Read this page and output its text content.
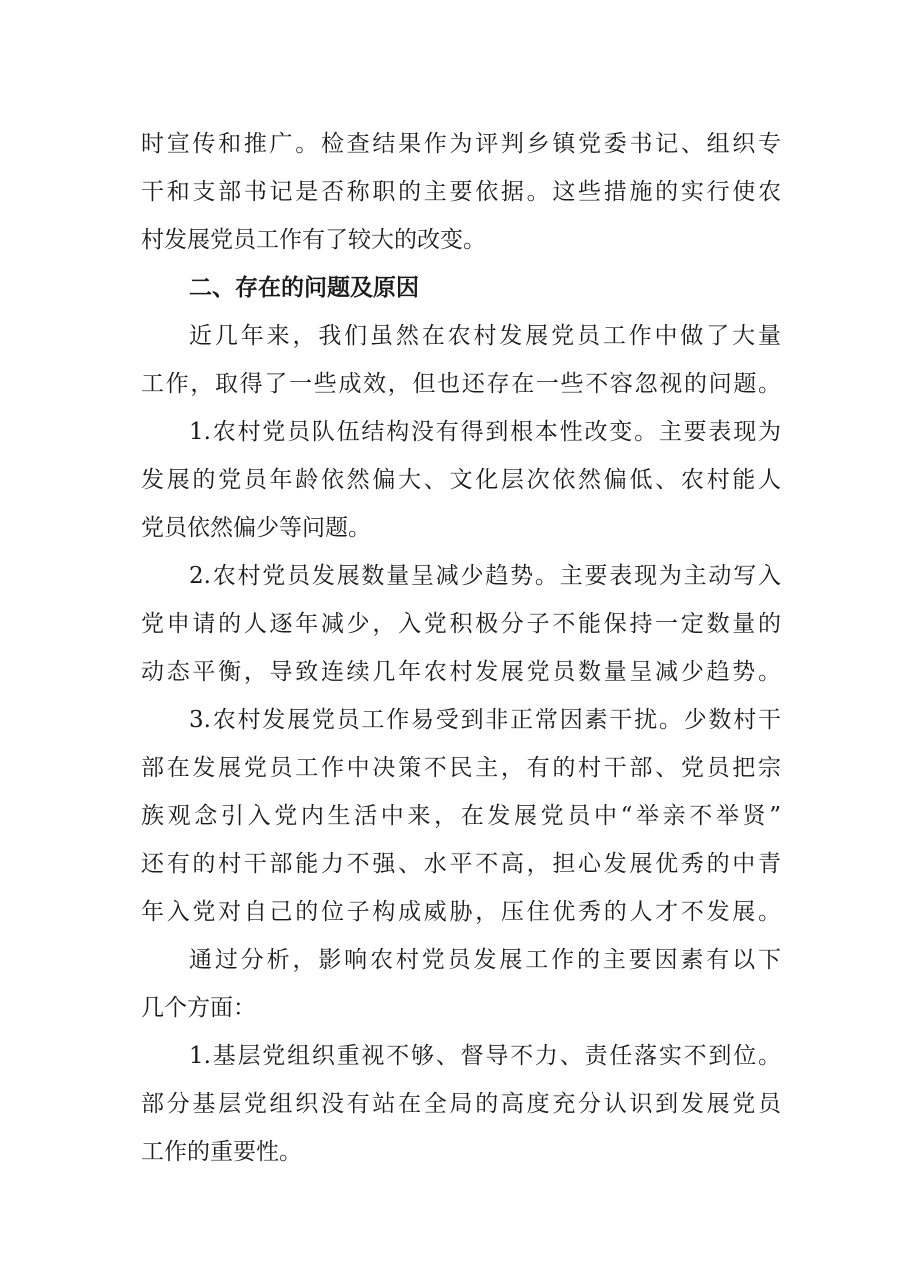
时宣传和推广。检查结果作为评判乡镇党委书记、组织专
干和支部书记是否称职的主要依据。这些措施的实行使农
村发展党员工作有了较大的改变。
二、存在的问题及原因
近几年来，我们虽然在农村发展党员工作中做了大量
工作，取得了一些成效，但也还存在一些不容忽视的问题。
1.农村党员队伍结构没有得到根本性改变。主要表现为
发展的党员年龄依然偏大、文化层次依然偏低、农村能人
党员依然偏少等问题。
2.农村党员发展数量呈减少趋势。主要表现为主动写入
党申请的人逐年减少，入党积极分子不能保持一定数量的
动态平衡，导致连续几年农村发展党员数量呈减少趋势。
3.农村发展党员工作易受到非正常因素干扰。少数村干
部在发展党员工作中决策不民主，有的村干部、党员把宗
族观念引入党内生活中来，在发展党员中“举亲不举贤”
还有的村干部能力不强、水平不高，担心发展优秀的中青
年入党对自己的位子构成威胁，压住优秀的人才不发展。
通过分析，影响农村党员发展工作的主要因素有以下
几个方面：
1.基层党组织重视不够、督导不力、责任落实不到位。
部分基层党组织没有站在全局的高度充分认识到发展党员
工作的重要性。
